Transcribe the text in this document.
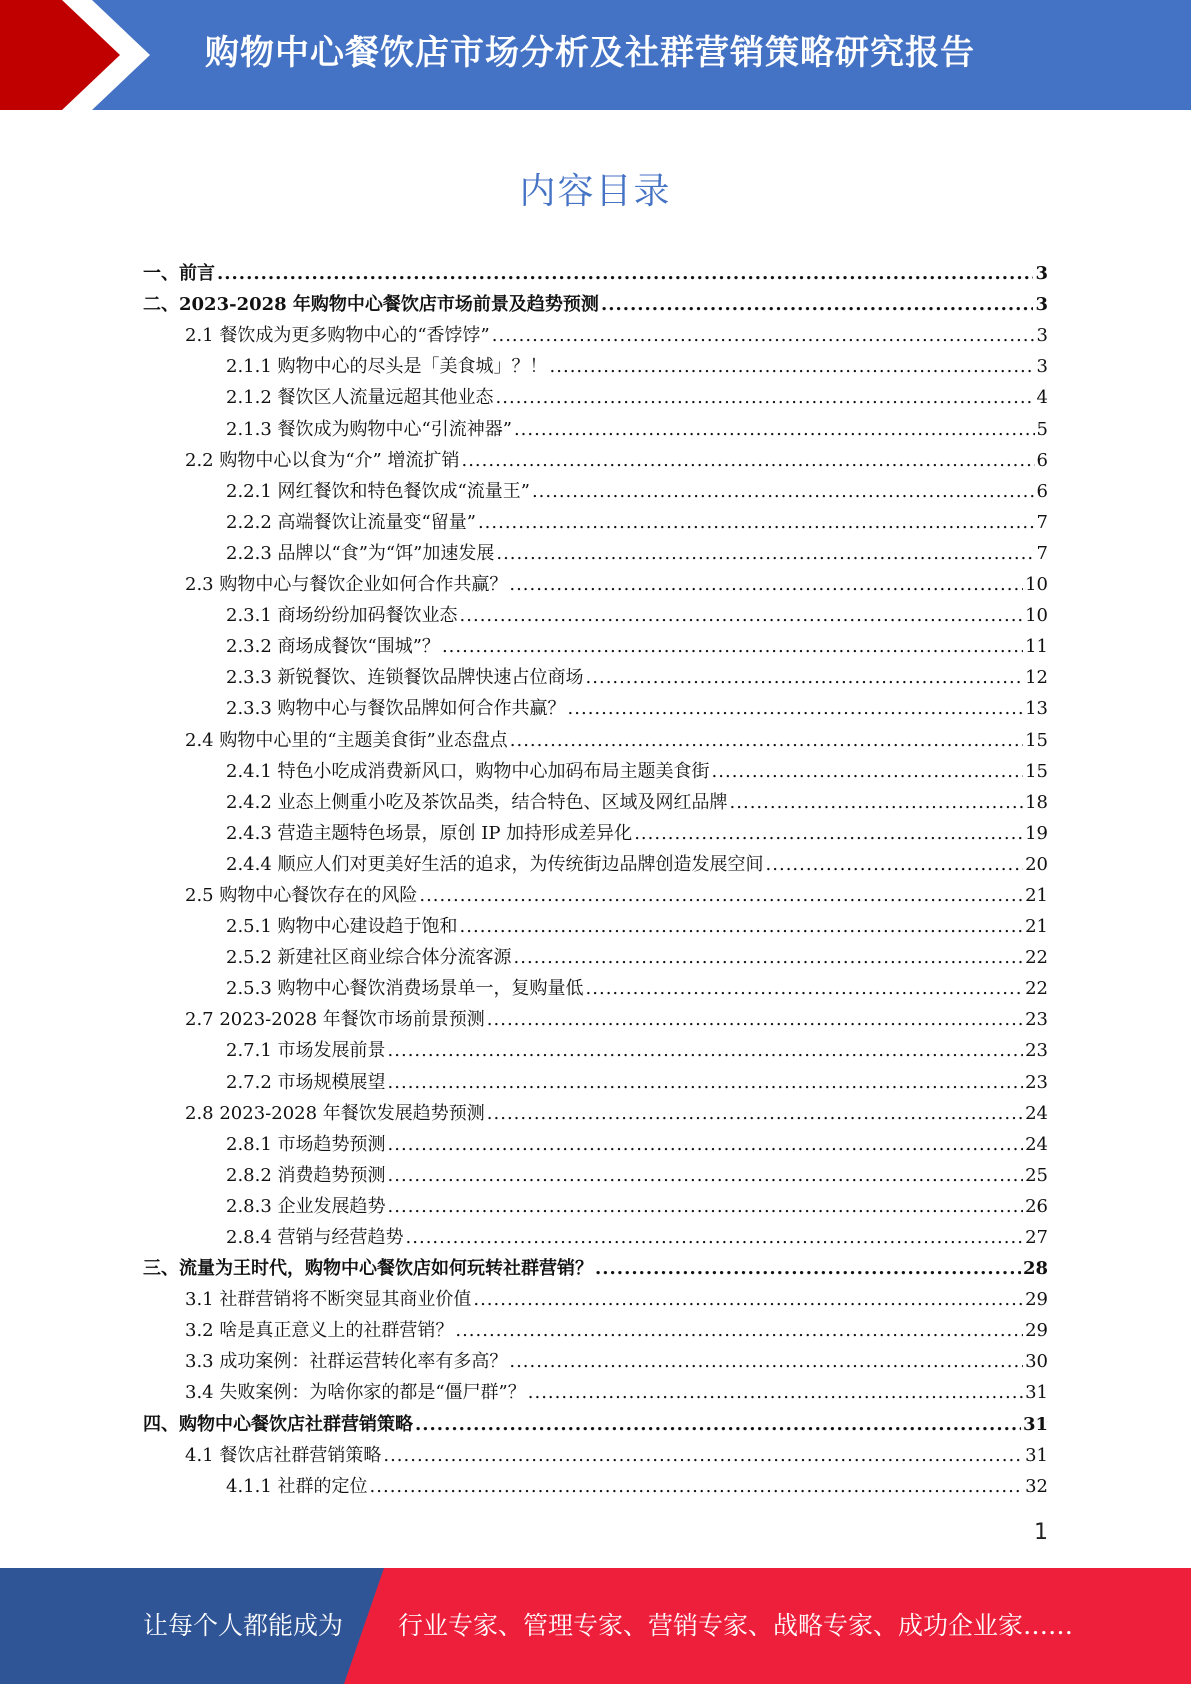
购物中心餐饮店市场分析及社群营销策略研究报告
内容目录
一、前言 .....	3
二、2023-2028 年购物中心餐饮店市场前景及趋势预测 .....	3
2.1 餐饮成为更多购物中心的“香饽饽” .....	3
2.1.1 购物中心的尽头是「美食城」？！ .....	3
2.1.2 餐饮区人流量远超其他业态 .....	4
2.1.3 餐饮成为购物中心“引流神器” .....	5
2.2 购物中心以食为“介” 增流扩销 .....	6
2.2.1 网红餐饮和特色餐饮成“流量王” .....	6
2.2.2 高端餐饮让流量变“留量” .....	7
2.2.3 品牌以“食”为“饵”加速发展 .....	7
2.3 购物中心与餐饮企业如何合作共赢？ .....	10
2.3.1 商场纷纷加码餐饮业态 .....	10
2.3.2 商场成餐饮“围城”？ .....	11
2.3.3 新锐餐饮、连锁餐饮品牌快速占位商场 .....	12
2.3.3 购物中心与餐饮品牌如何合作共赢？ .....	13
2.4 购物中心里的“主题美食街”业态盘点 .....	15
2.4.1 特色小吃成消费新风口，购物中心加码布局主题美食街 .....	15
2.4.2 业态上侧重小吃及茶饮品类，结合特色、区域及网红品牌 .....	18
2.4.3 营造主题特色场景，原创 IP 加持形成差异化 .....	19
2.4.4 顺应人们对更美好生活的追求，为传统街边品牌创造发展空间 .....	20
2.5 购物中心餐饮存在的风险 .....	21
2.5.1 购物中心建设趋于饱和 .....	21
2.5.2 新建社区商业综合体分流客源 .....	22
2.5.3 购物中心餐饮消费场景单一，复购量低 .....	22
2.7 2023-2028 年餐饮市场前景预测 .....	23
2.7.1 市场发展前景 .....	23
2.7.2 市场规模展望 .....	23
2.8 2023-2028 年餐饮发展趋势预测 .....	24
2.8.1 市场趋势预测 .....	24
2.8.2 消费趋势预测 .....	25
2.8.3 企业发展趋势 .....	26
2.8.4 营销与经营趋势 .....	27
三、流量为王时代，购物中心餐饮店如何玩转社群营销？ .....	28
3.1 社群营销将不断突显其商业价值 .....	29
3.2 啥是真正意义上的社群营销？ .....	29
3.3 成功案例：社群运营转化率有多高？ .....	30
3.4 失败案例：为啥你家的都是“僵尸群”？ .....	31
四、购物中心餐饮店社群营销策略 .....	31
4.1 餐饮店社群营销策略 .....	31
4.1.1 社群的定位 .....	32
1
让每个人都能成为 行业专家、管理专家、营销专家、战略专家、成功企业家……
